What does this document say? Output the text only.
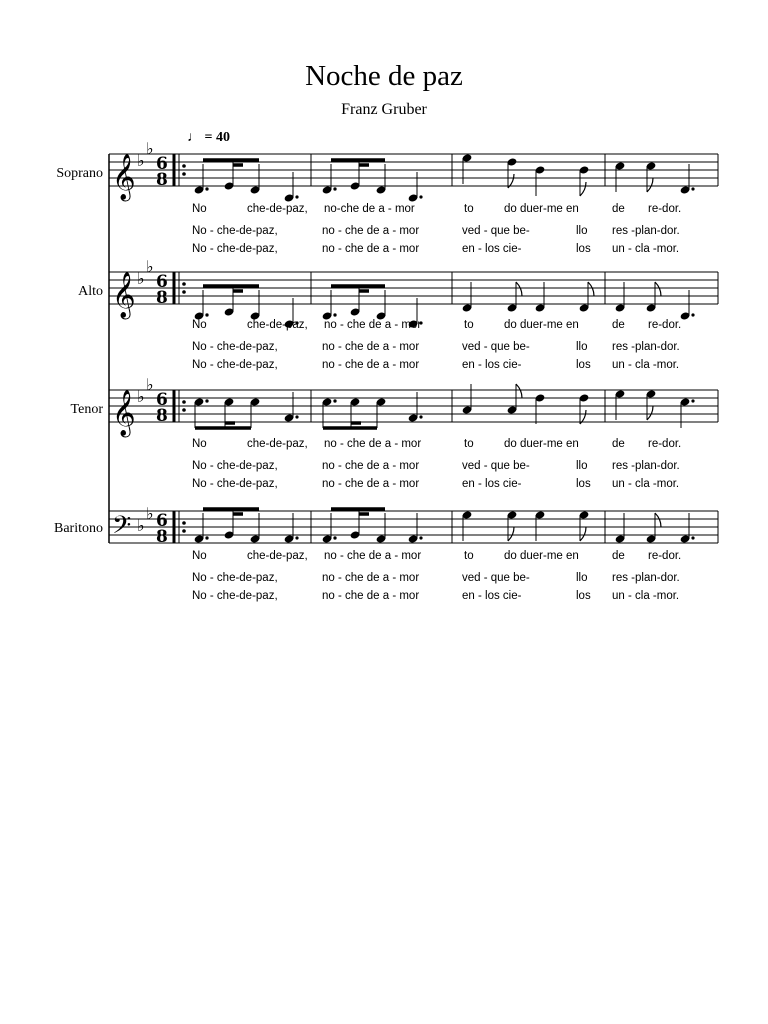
Noche de paz
Franz Gruber
♩ = 40
Soprano
Alto
Tenor
Baritono
𝄞 ♭
♭
6
8
𝄞 ♭
♭
6
8
𝄞 ♭
♭
6
8
𝄢 ♭
♭ 6
8
No	che-de-paz, no-che de a - mor	to	do duer-me en	de re-dor.
No - che-de-paz,	no - che de a - mor	ved - que be-	llo res -plan-dor.
No - che-de-paz,	no - che de a - mor	en - los cie-	los un - cla -mor.
No	che-de-paz, no - che de a - mor	to	do duer-me en	de re-dor.
No - che-de-paz,	no - che de a - mor	ved - que be-	llo res -plan-dor.
No - che-de-paz,	no - che de a - mor	en - los cie-	los un - cla -mor.
No	che-de-paz, no - che de a - mor	to	do duer-me en	de re-dor.
No - che-de-paz,	no - che de a - mor	ved - que be-	llo res -plan-dor.
No - che-de-paz,	no - che de a - mor	en - los cie-	los un - cla -mor.
No	che-de-paz, no - che de a - mor	to	do duer-me en	de re-dor.
No - che-de-paz,	no - che de a - mor	ved - que be-	llo res -plan-dor.
No - che-de-paz,	no - che de a - mor	en - los cie-	los un - cla -mor.
